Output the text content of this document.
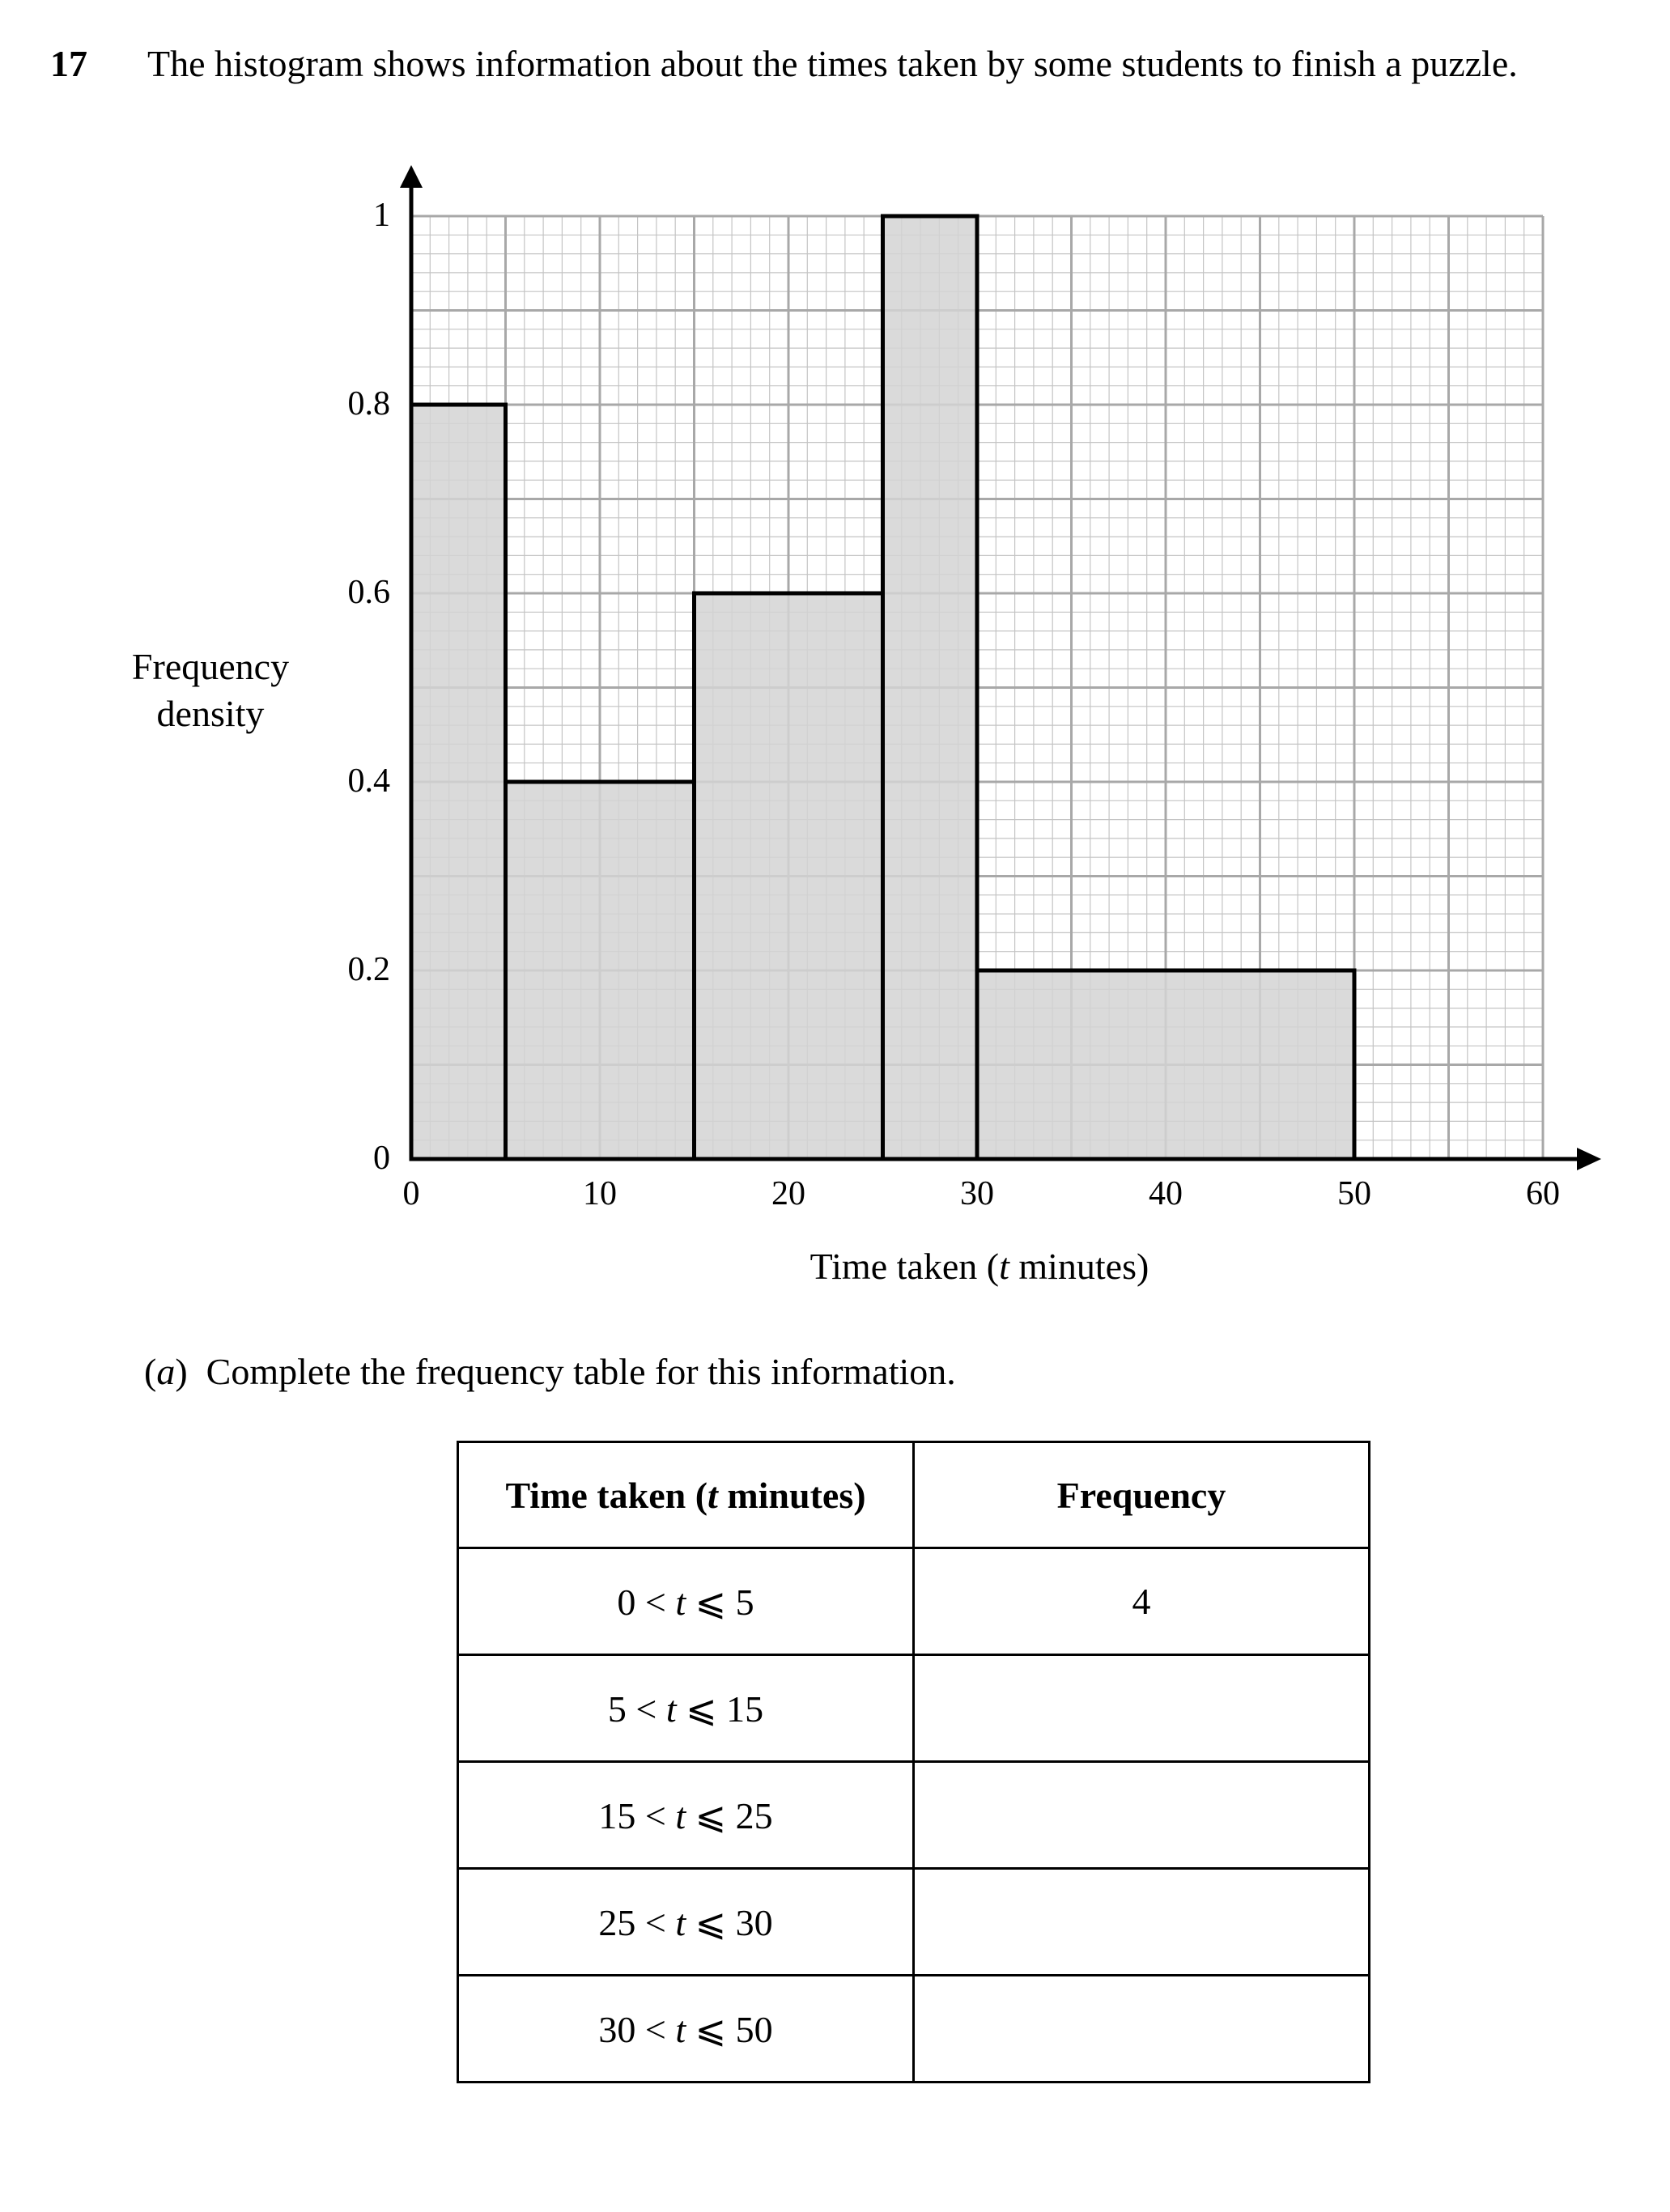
17 The histogram shows information about the times taken by some students to finish a puzzle.
0	10	20	30	40	50	60
0
0.2
0.4
0.6
0.8
1
Frequency
density
Time taken (t minutes)
(a)  Complete the frequency table for this information.
Time taken (t minutes)	Frequency
0 < t ⩽ 5	4
5 < t ⩽ 15	
15 < t ⩽ 25	
25 < t ⩽ 30	
30 < t ⩽ 50	
